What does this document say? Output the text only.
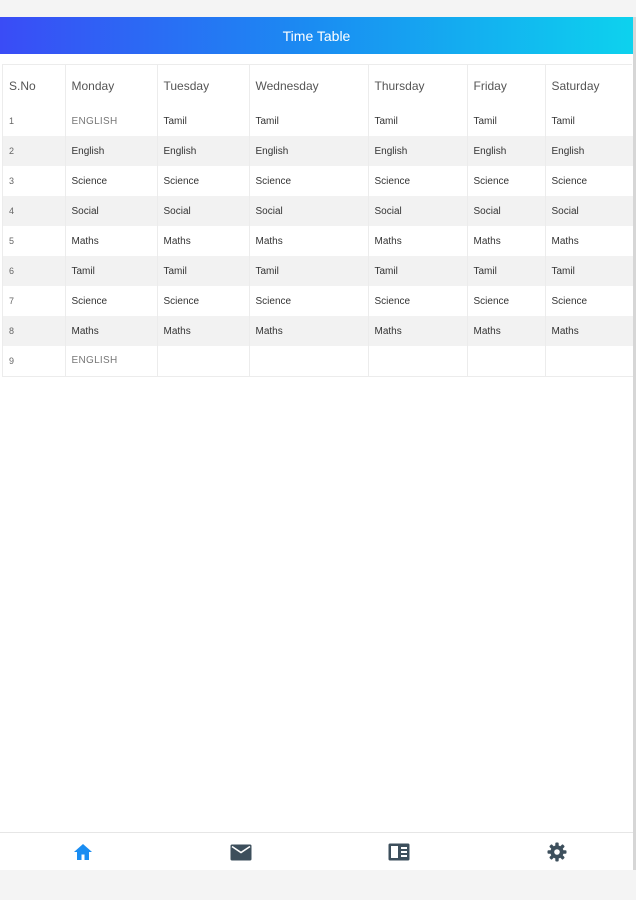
Time Table
S.No	Monday	Tuesday	Wednesday	Thursday	Friday	Saturday
1	ENGLISH	Tamil	Tamil	Tamil	Tamil	Tamil
2	English	English	English	English	English	English
3	Science	Science	Science	Science	Science	Science
4	Social	Social	Social	Social	Social	Social
5	Maths	Maths	Maths	Maths	Maths	Maths
6	Tamil	Tamil	Tamil	Tamil	Tamil	Tamil
7	Science	Science	Science	Science	Science	Science
8	Maths	Maths	Maths	Maths	Maths	Maths
9	ENGLISH					
